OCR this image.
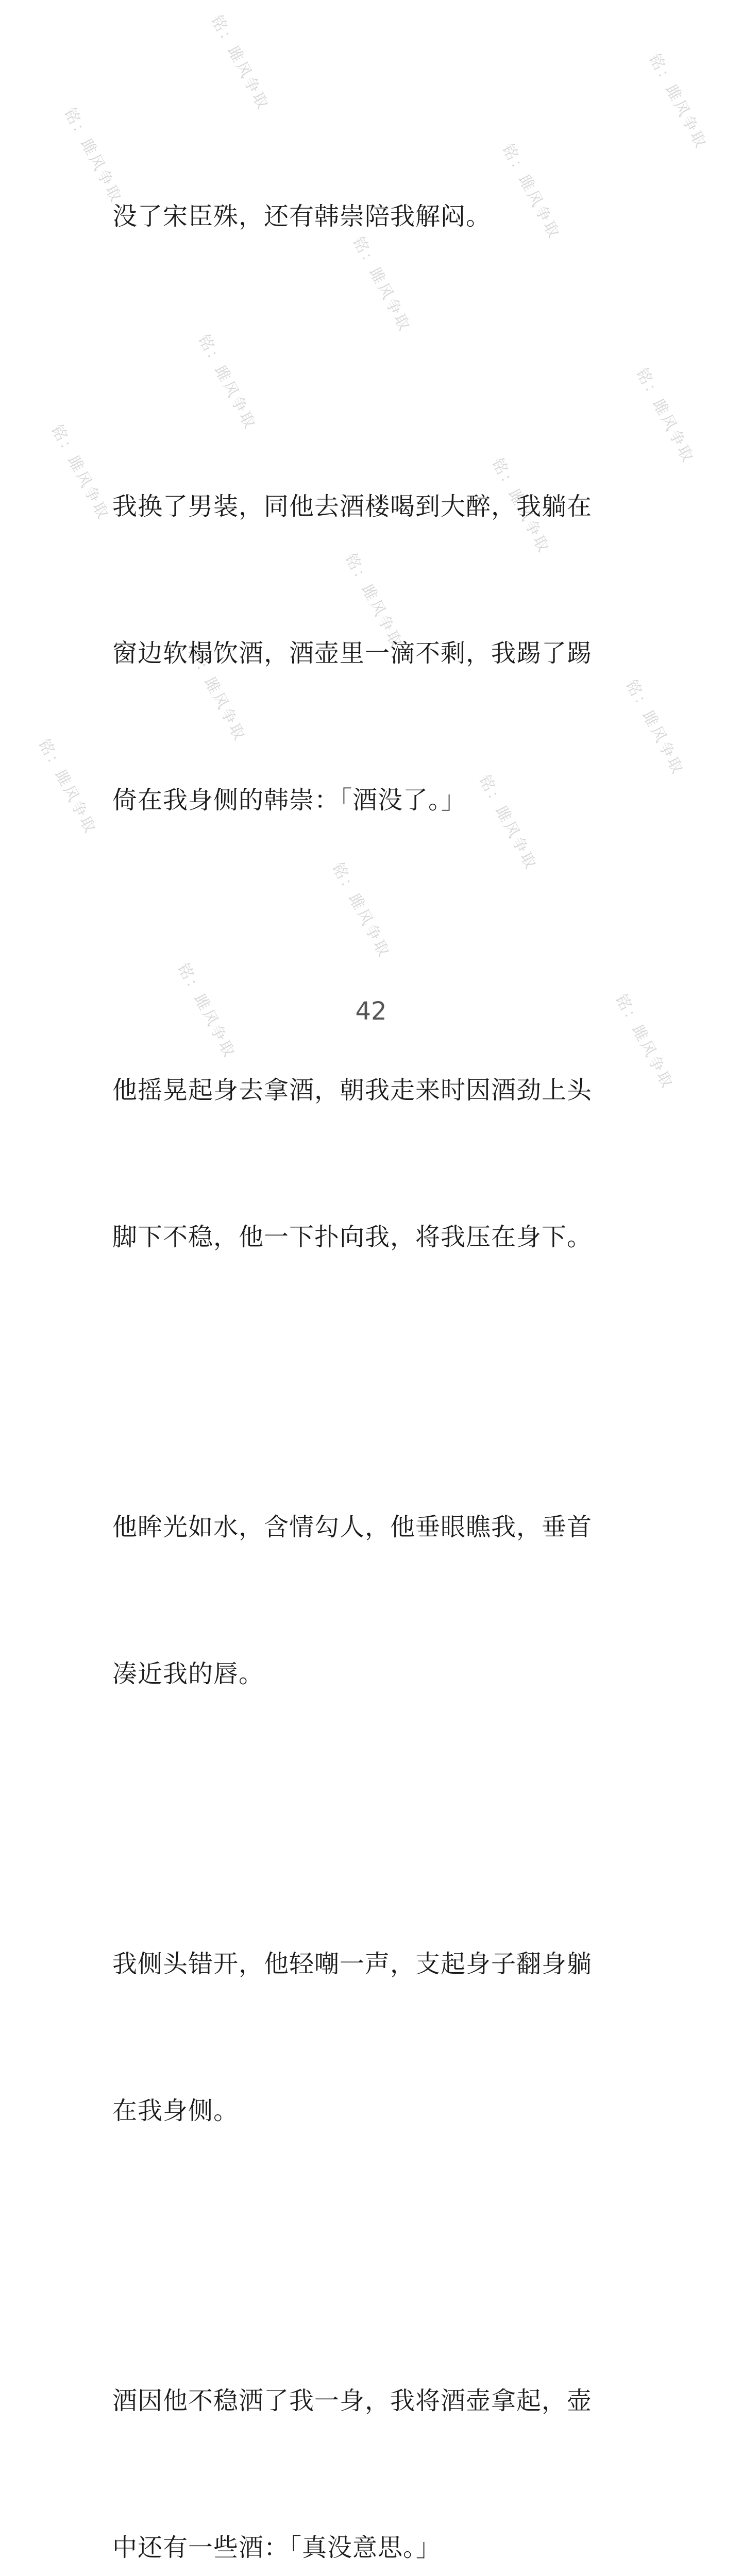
铭：雎风争取	铭：雎风争取
铭：雎风争取	铭：雎风争取
铭：雎风争取
铭：雎风争取	铭：雎风争取
铭：雎风争取	铭：雎风争取
铭：雎风争取
铭：雎风争取	铭：雎风争取
铭：雎风争取	铭：雎风争取
铭：雎风争取
铭：雎风争取	铭：雎风争取

没了宋臣殊，还有韩崇陪我解闷。

我换了男装，同他去酒楼喝到大醉，我躺在

窗边软榻饮酒，酒壶里一滴不剩，我踢了踢

倚在我身侧的韩崇：「酒没了。」

他摇晃起身去拿酒，朝我走来时因酒劲上头

脚下不稳，他一下扑向我，将我压在身下。

他眸光如水，含情勾人，他垂眼瞧我，垂首

凑近我的唇。

我侧头错开，他轻嘲一声，支起身子翻身躺

在我身侧。

酒因他不稳洒了我一身，我将酒壶拿起，壶

中还有一些酒：「真没意思。」

42
